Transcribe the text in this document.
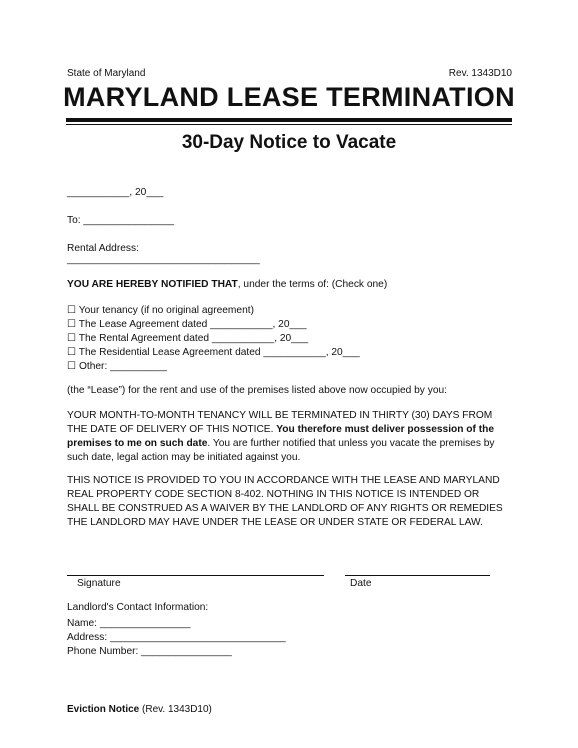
State of Maryland	Rev. 1343D10
MARYLAND LEASE TERMINATION
30-Day Notice to Vacate
___________, 20___
To: ________________
Rental Address:
__________________________________
YOU ARE HEREBY NOTIFIED THAT, under the terms of: (Check one)
☐ Your tenancy (if no original agreement)
☐ The Lease Agreement dated ___________, 20___
☐ The Rental Agreement dated ___________, 20___
☐ The Residential Lease Agreement dated ___________, 20___
☐ Other: __________
(the “Lease”) for the rent and use of the premises listed above now occupied by you:
YOUR MONTH-TO-MONTH TENANCY WILL BE TERMINATED IN THIRTY (30) DAYS FROM THE DATE OF DELIVERY OF THIS NOTICE. You therefore must deliver possession of the premises to me on such date. You are further notified that unless you vacate the premises by such date, legal action may be initiated against you.
THIS NOTICE IS PROVIDED TO YOU IN ACCORDANCE WITH THE LEASE AND MARYLAND REAL PROPERTY CODE SECTION 8-402. NOTHING IN THIS NOTICE IS INTENDED OR SHALL BE CONSTRUED AS A WAIVER BY THE LANDLORD OF ANY RIGHTS OR REMEDIES THE LANDLORD MAY HAVE UNDER THE LEASE OR UNDER STATE OR FEDERAL LAW.
Signature	Date
Landlord's Contact Information:
Name: ________________
Address: _______________________________
Phone Number: ________________
Eviction Notice (Rev. 1343D10)
